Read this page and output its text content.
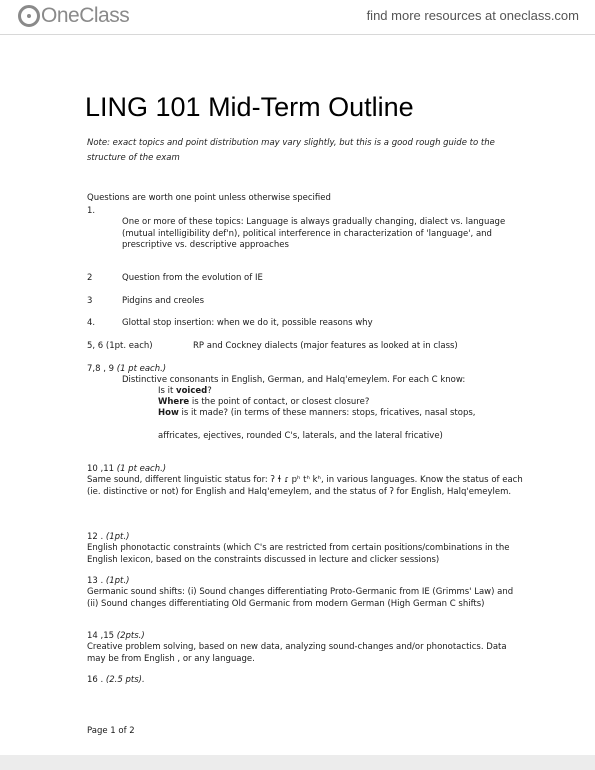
OneClass	find more resources at oneclass.com
LING 101 Mid-Term Outline
Note: exact topics and point distribution may vary slightly, but this is a good rough guide to the structure of the exam
Questions are worth one point unless otherwise specified
1.
One or more of these topics: Language is always gradually changing, dialect vs. language (mutual intelligibility def'n), political interference in characterization of 'language', and prescriptive vs. descriptive approaches
2	Question from the evolution of IE
3	Pidgins and creoles
4.	Glottal stop insertion: when we do it, possible reasons why
5, 6 (1pt. each)	RP and Cockney dialects (major features as looked at in class)
7,8 , 9 (1 pt each.)
Distinctive consonants in English, German, and Halq'emeylem. For each C know:
Is it voiced?
Where is the point of contact, or closest closure?
How is it made? (in terms of these manners: stops, fricatives, nasal stops,
affricates, ejectives, rounded C's, laterals, and the lateral fricative)
10 ,11 (1 pt each.)
Same sound, different linguistic status for: ʔ ɬ ɾ pʰ tʰ kʰ, in various languages. Know the status of each (ie. distinctive or not) for English and Halq'emeylem, and the status of ʔ for English, Halq'emeylem.
12 . (1pt.)
English phonotactic constraints (which C's are restricted from certain positions/combinations in the English lexicon, based on the constraints discussed in lecture and clicker sessions)
13 . (1pt.)
Germanic sound shifts: (i) Sound changes differentiating Proto-Germanic from IE (Grimms' Law) and (ii) Sound changes differentiating Old Germanic from modern German (High German C shifts)
14 ,15 (2pts.)
Creative problem solving, based on new data, analyzing sound-changes and/or phonotactics. Data may be from English , or any language.
16 . (2.5 pts).
Page 1 of 2
